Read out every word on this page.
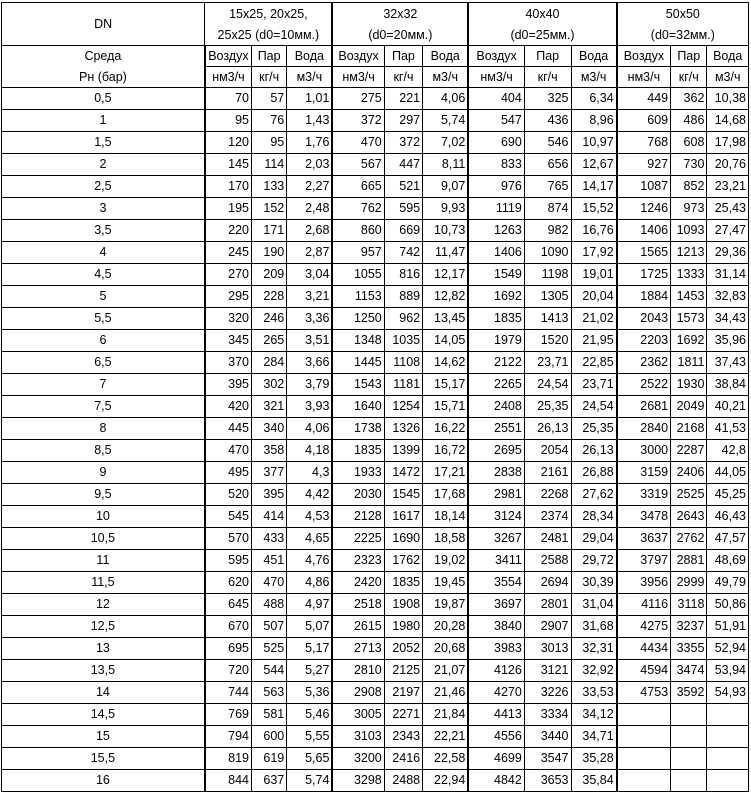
DN	15x25, 20x25,			32x32			40x40			50x50		
	25x25 (d0=10мм.)			(d0=20мм.)			(d0=25мм.)			(d0=32мм.)		
Среда	Воздух	Пар	Вода	Воздух	Пар	Вода	Воздух	Пар	Вода	Воздух	Пар	Вода
Рн (бар)	нм3/ч	кг/ч	м3/ч	нм3/ч	кг/ч	м3/ч	нм3/ч	кг/ч	м3/ч	нм3/ч	кг/ч	м3/ч
0,5	70	57	1,01	275	221	4,06	404	325	6,34	449	362	10,38
1	95	76	1,43	372	297	5,74	547	436	8,96	609	486	14,68
1,5	120	95	1,76	470	372	7,02	690	546	10,97	768	608	17,98
2	145	114	2,03	567	447	8,11	833	656	12,67	927	730	20,76
2,5	170	133	2,27	665	521	9,07	976	765	14,17	1087	852	23,21
3	195	152	2,48	762	595	9,93	1119	874	15,52	1246	973	25,43
3,5	220	171	2,68	860	669	10,73	1263	982	16,76	1406	1093	27,47
4	245	190	2,87	957	742	11,47	1406	1090	17,92	1565	1213	29,36
4,5	270	209	3,04	1055	816	12,17	1549	1198	19,01	1725	1333	31,14
5	295	228	3,21	1153	889	12,82	1692	1305	20,04	1884	1453	32,83
5,5	320	246	3,36	1250	962	13,45	1835	1413	21,02	2043	1573	34,43
6	345	265	3,51	1348	1035	14,05	1979	1520	21,95	2203	1692	35,96
6,5	370	284	3,66	1445	1108	14,62	2122	23,71	22,85	2362	1811	37,43
7	395	302	3,79	1543	1181	15,17	2265	24,54	23,71	2522	1930	38,84
7,5	420	321	3,93	1640	1254	15,71	2408	25,35	24,54	2681	2049	40,21
8	445	340	4,06	1738	1326	16,22	2551	26,13	25,35	2840	2168	41,53
8,5	470	358	4,18	1835	1399	16,72	2695	2054	26,13	3000	2287	42,8
9	495	377	4,3	1933	1472	17,21	2838	2161	26,88	3159	2406	44,05
9,5	520	395	4,42	2030	1545	17,68	2981	2268	27,62	3319	2525	45,25
10	545	414	4,53	2128	1617	18,14	3124	2374	28,34	3478	2643	46,43
10,5	570	433	4,65	2225	1690	18,58	3267	2481	29,04	3637	2762	47,57
11	595	451	4,76	2323	1762	19,02	3411	2588	29,72	3797	2881	48,69
11,5	620	470	4,86	2420	1835	19,45	3554	2694	30,39	3956	2999	49,79
12	645	488	4,97	2518	1908	19,87	3697	2801	31,04	4116	3118	50,86
12,5	670	507	5,07	2615	1980	20,28	3840	2907	31,68	4275	3237	51,91
13	695	525	5,17	2713	2052	20,68	3983	3013	32,31	4434	3355	52,94
13,5	720	544	5,27	2810	2125	21,07	4126	3121	32,92	4594	3474	53,94
14	744	563	5,36	2908	2197	21,46	4270	3226	33,53	4753	3592	54,93
14,5	769	581	5,46	3005	2271	21,84	4413	3334	34,12			
15	794	600	5,55	3103	2343	22,21	4556	3440	34,71			
15,5	819	619	5,65	3200	2416	22,58	4699	3547	35,28			
16	844	637	5,74	3298	2488	22,94	4842	3653	35,84			
